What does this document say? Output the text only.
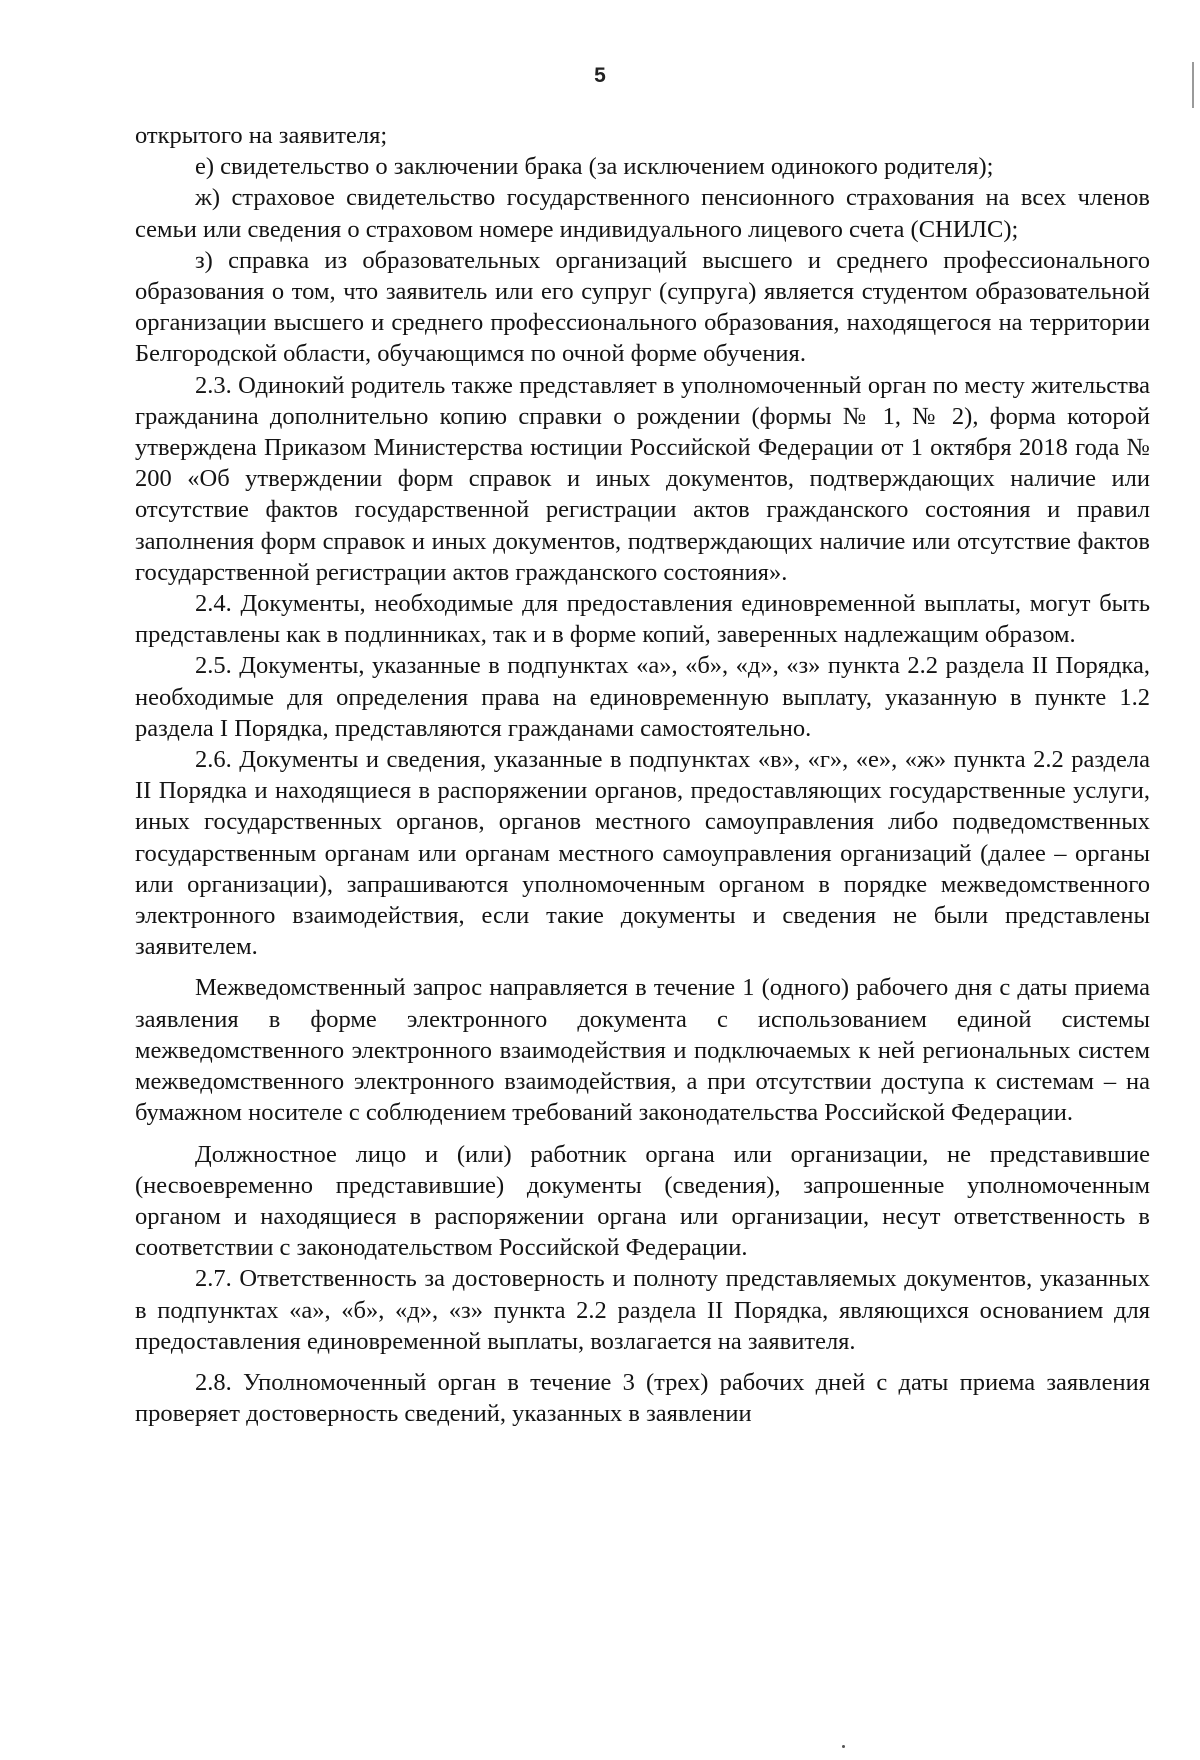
5

открытого на заявителя;

е) свидетельство о заключении брака (за исключением одинокого родителя);

ж) страховое свидетельство государственного пенсионного страхования на всех членов семьи или сведения о страховом номере индивидуального лицевого счета (СНИЛС);

з) справка из образовательных организаций высшего и среднего профессионального образования о том, что заявитель или его супруг (супруга) является студентом образовательной организации высшего и среднего профессионального образования, находящегося на территории Белгородской области, обучающимся по очной форме обучения.

2.3. Одинокий родитель также представляет в уполномоченный орган по месту жительства гражданина дополнительно копию справки о рождении (формы № 1, № 2), форма которой утверждена Приказом Министерства юстиции Российской Федерации от 1 октября 2018 года № 200 «Об утверждении форм справок и иных документов, подтверждающих наличие или отсутствие фактов государственной регистрации актов гражданского состояния и правил заполнения форм справок и иных документов, подтверждающих наличие или отсутствие фактов государственной регистрации актов гражданского состояния».

2.4. Документы, необходимые для предоставления единовременной выплаты, могут быть представлены как в подлинниках, так и в форме копий, заверенных надлежащим образом.

2.5. Документы, указанные в подпунктах «а», «б», «д», «з» пункта 2.2 раздела II Порядка, необходимые для определения права на единовременную выплату, указанную в пункте 1.2 раздела I Порядка, представляются гражданами самостоятельно.

2.6. Документы и сведения, указанные в подпунктах «в», «г», «е», «ж» пункта 2.2 раздела II Порядка и находящиеся в распоряжении органов, предоставляющих государственные услуги, иных государственных органов, органов местного самоуправления либо подведомственных государственным органам или органам местного самоуправления организаций (далее – органы или организации), запрашиваются уполномоченным органом в порядке межведомственного электронного взаимодействия, если такие документы и сведения не были представлены заявителем.

Межведомственный запрос направляется в течение 1 (одного) рабочего дня с даты приема заявления в форме электронного документа с использованием единой системы межведомственного электронного взаимодействия и подключаемых к ней региональных систем межведомственного электронного взаимодействия, а при отсутствии доступа к системам – на бумажном носителе с соблюдением требований законодательства Российской Федерации.

Должностное лицо и (или) работник органа или организации, не представившие (несвоевременно представившие) документы (сведения), запрошенные уполномоченным органом и находящиеся в распоряжении органа или организации, несут ответственность в соответствии с законодательством Российской Федерации.

2.7. Ответственность за достоверность и полноту представляемых документов, указанных в подпунктах «а», «б», «д», «з» пункта 2.2 раздела II Порядка, являющихся основанием для предоставления единовременной выплаты, возлагается на заявителя.

2.8. Уполномоченный орган в течение 3 (трех) рабочих дней с даты приема заявления проверяет достоверность сведений, указанных в заявлении
